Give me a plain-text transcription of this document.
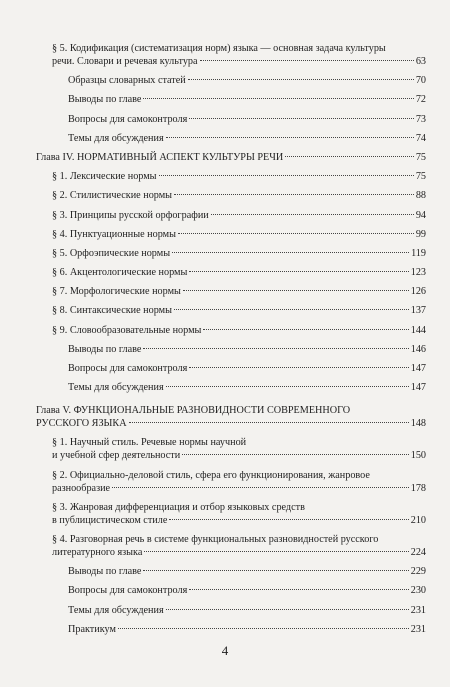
§ 5. Кодификация (систематизация норм) языка — основная задача культуры
речи. Словари и речевая культура	63
Образцы словарных статей	70
Выводы по главе	72
Вопросы для самоконтроля	73
Темы для обсуждения	74
Глава IV. НОРМАТИВНЫЙ АСПЕКТ КУЛЬТУРЫ РЕЧИ	75
§ 1. Лексические нормы	75
§ 2. Стилистические нормы	88
§ 3. Принципы русской орфографии	94
§ 4. Пунктуационные нормы	99
§ 5. Орфоэпические нормы	119
§ 6. Акцентологические нормы	123
§ 7. Морфологические нормы	126
§ 8. Синтаксические нормы	137
§ 9. Словообразовательные нормы	144
Выводы по главе	146
Вопросы для самоконтроля	147
Темы для обсуждения	147
Глава V. ФУНКЦИОНАЛЬНЫЕ РАЗНОВИДНОСТИ СОВРЕМЕННОГО
РУССКОГО ЯЗЫКА	148
§ 1. Научный стиль. Речевые нормы научной
и учебной сфер деятельности	150
§ 2. Официально-деловой стиль, сфера его функционирования, жанровое
разнообразие	178
§ 3. Жанровая дифференциация и отбор языковых средств
в публицистическом стиле	210
§ 4. Разговорная речь в системе функциональных разновидностей русского
литературного языка	224
Выводы по главе	229
Вопросы для самоконтроля	230
Темы для обсуждения	231
Практикум	231
4
